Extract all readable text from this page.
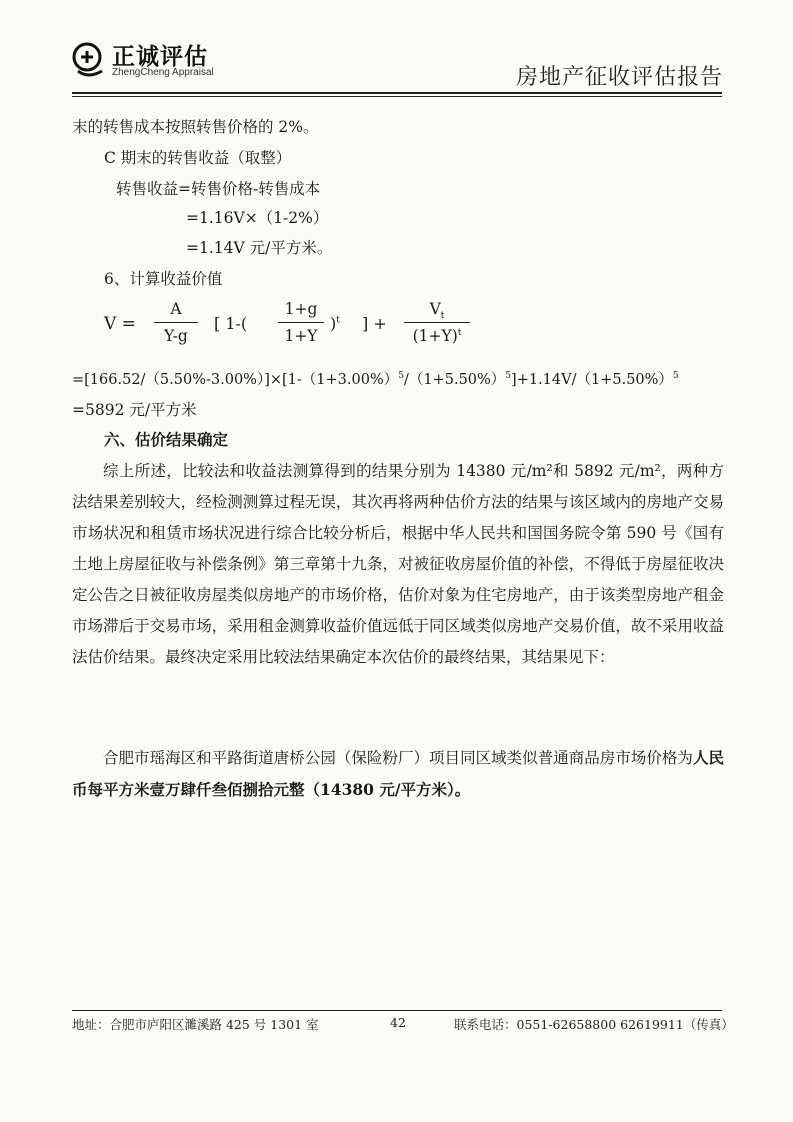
正诚评估
ZhengCheng Appraisal	房地产征收评估报告
末的转售成本按照转售价格的 2%。
C 期末的转售收益（取整）
转售收益=转售价格-转售成本
=1.16V×（1-2%）
=1.14V 元/平方米。
6、计算收益价值
V =
A
Y-g
[ 1-(
1+g
1+Y
)$^t$ ] +
$V_t$
$(1+Y)^t$
$=[166.52/(5.50\%-3.00\%)]\times[1-(1+3.00\%)^5/(1+5.50\%)^5]+1.14V/(1+5.50\%)^5$
=5892 元/平方米
六、估价结果确定
综上所述，比较法和收益法测算得到的结果分别为 14380 元/m²和 5892 元/m²，两种方法结果差别较大，经检测测算过程无误，其次再将两种估价方法的结果与该区域内的房地产交易市场状况和租赁市场状况进行综合比较分析后，根据中华人民共和国国务院令第 590 号《国有土地上房屋征收与补偿条例》第三章第十九条，对被征收房屋价值的补偿，不得低于房屋征收决定公告之日被征收房屋类似房地产的市场价格，估价对象为住宅房地产，由于该类型房地产租金市场滞后于交易市场，采用租金测算收益价值远低于同区域类似房地产交易价值，故不采用收益法估价结果。最终决定采用比较法结果确定本次估价的最终结果，其结果见下：
合肥市瑶海区和平路街道唐桥公园（保险粉厂）项目同区域类似普通商品房市场价格为人民币每平方米壹万肆仟叁佰捌拾元整（14380 元/平方米）。
地址：合肥市庐阳区濉溪路 425 号 1301 室	42	联系电话：0551-62658800 62619911（传真）
